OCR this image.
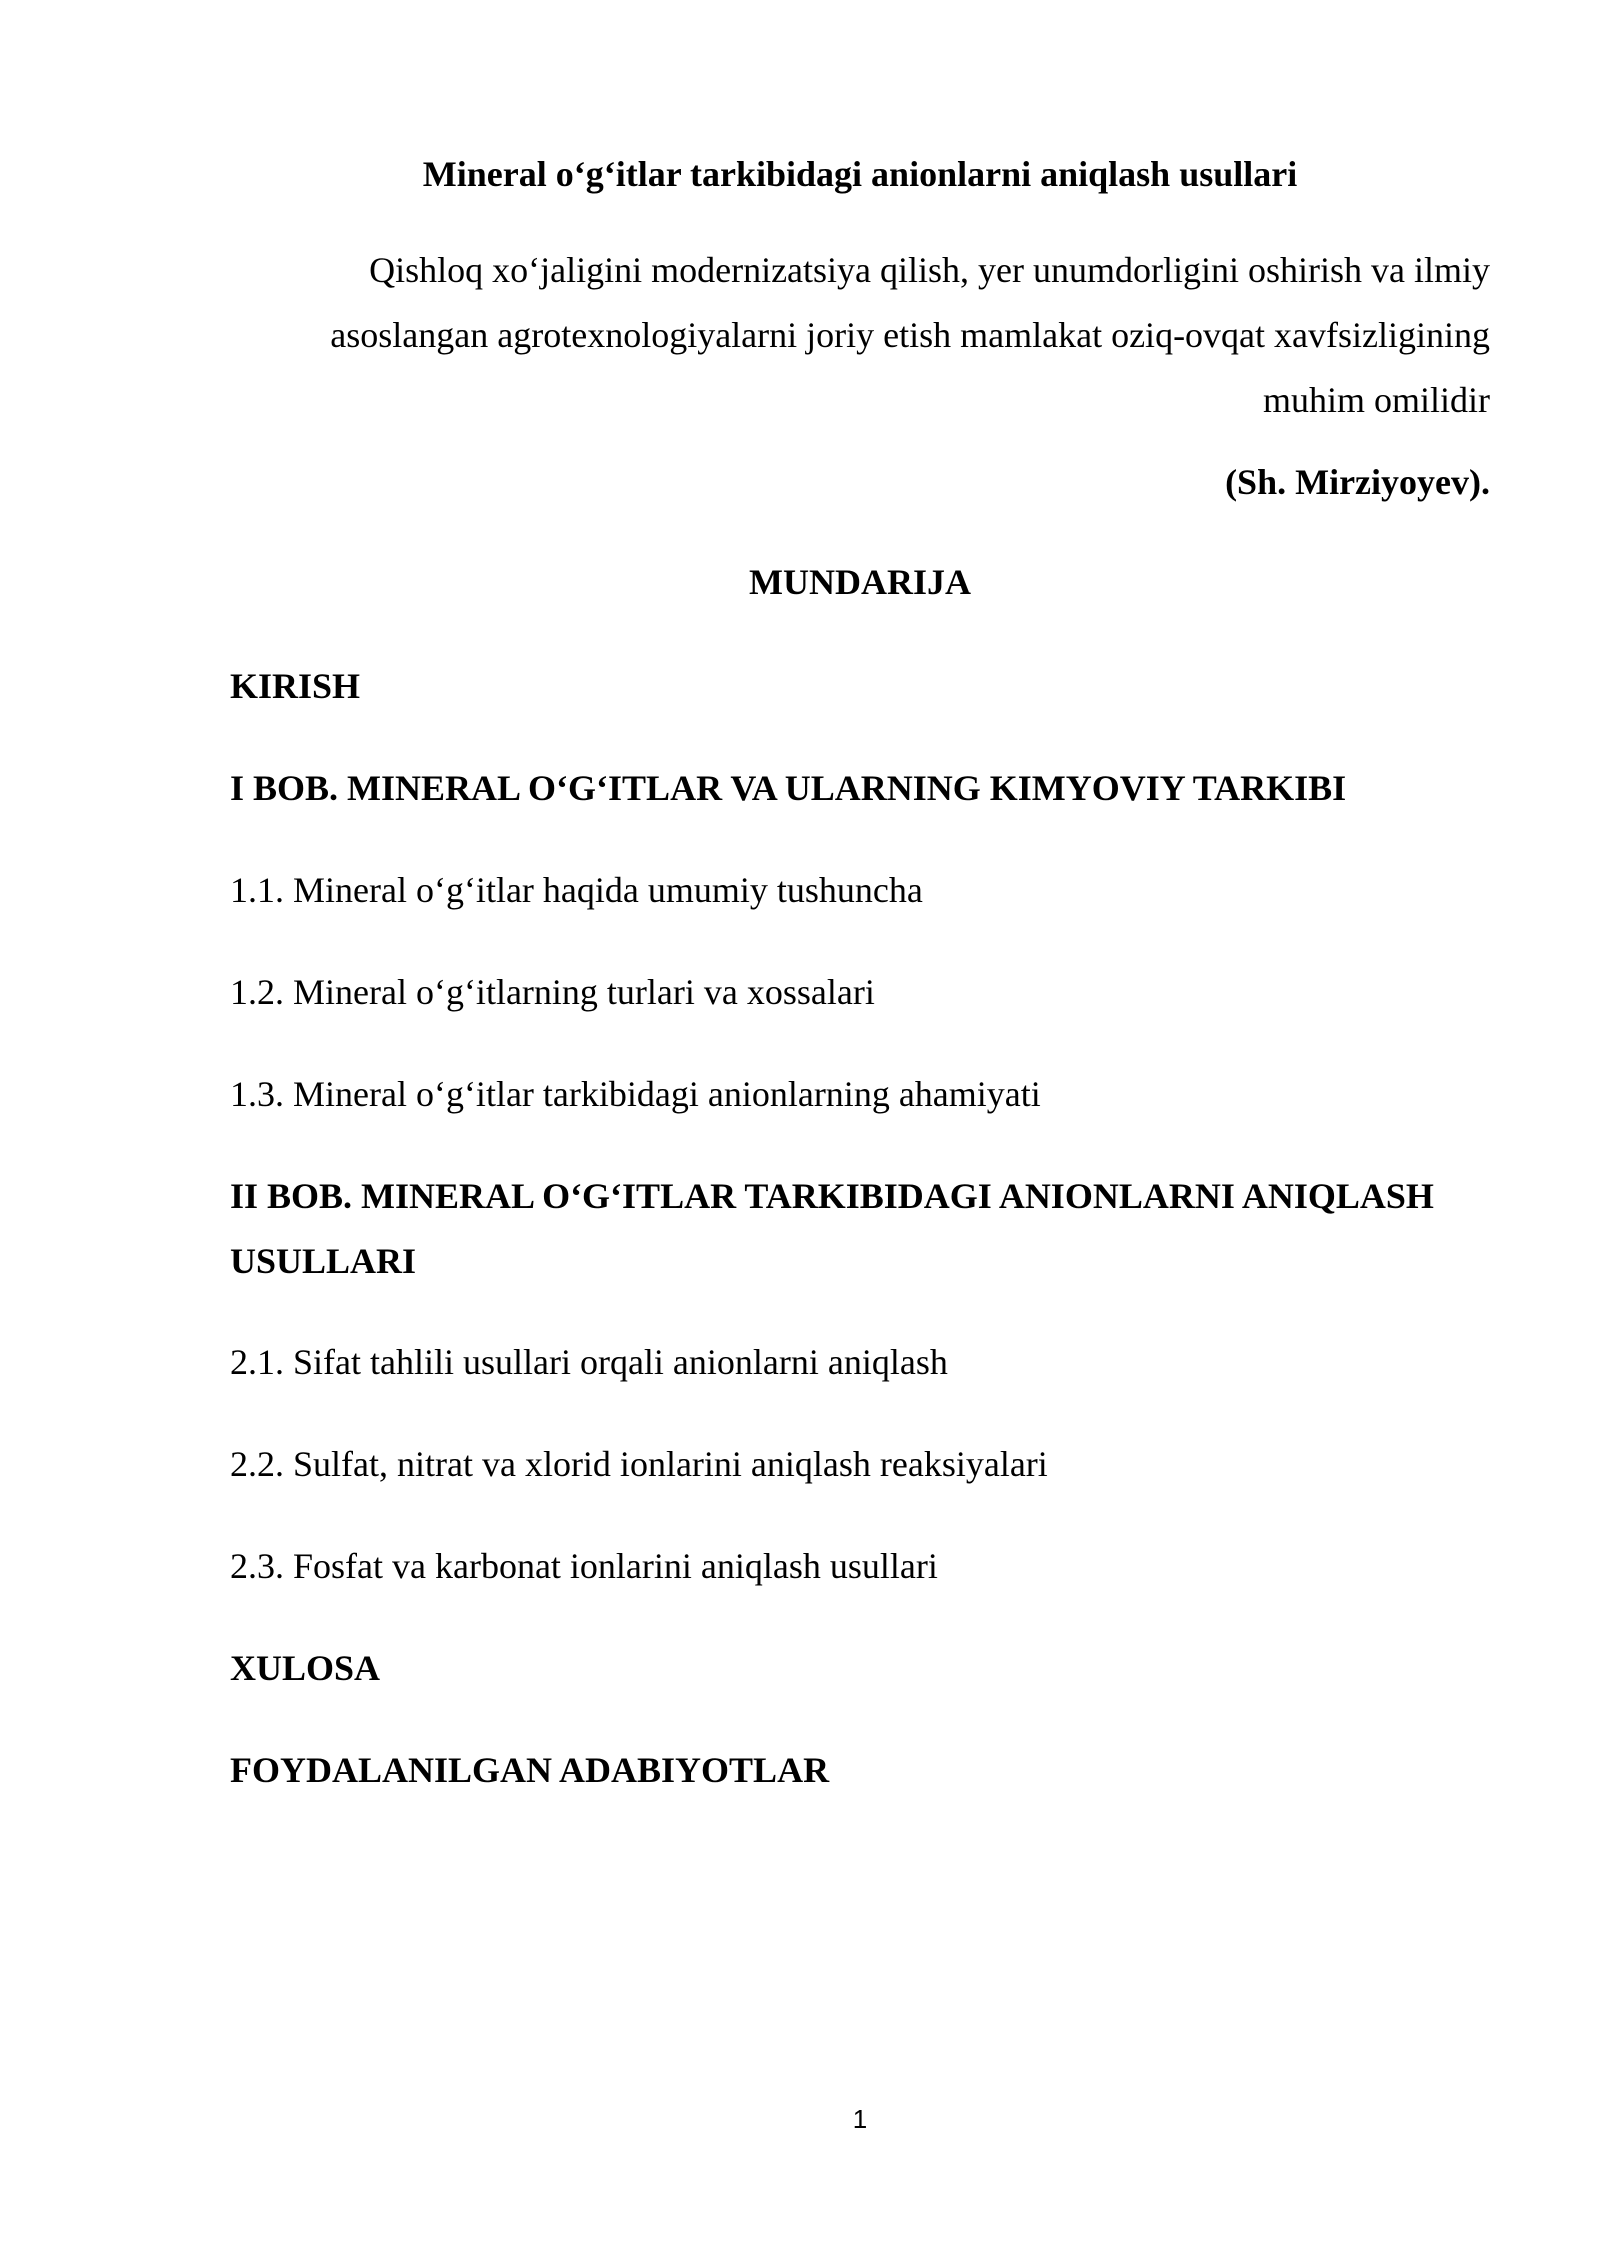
Mineral o‘g‘itlar tarkibidagi anionlarni aniqlash usullari
Qishloq xo‘jaligini modernizatsiya qilish, yer unumdorligini oshirish va ilmiy asoslangan agrotexnologiyalarni joriy etish mamlakat oziq-ovqat xavfsizligining muhim omilidir
(Sh. Mirziyoyev).
MUNDARIJA
KIRISH
I BOB. MINERAL O‘G‘ITLAR VA ULARNING KIMYOVIY TARKIBI
1.1. Mineral o‘g‘itlar haqida umumiy tushuncha
1.2. Mineral o‘g‘itlarning turlari va xossalari
1.3. Mineral o‘g‘itlar tarkibidagi anionlarning ahamiyati
II BOB. MINERAL O‘G‘ITLAR TARKIBIDAGI ANIONLARNI ANIQLASH USULLARI
2.1. Sifat tahlili usullari orqali anionlarni aniqlash
2.2. Sulfat, nitrat va xlorid ionlarini aniqlash reaksiyalari
2.3. Fosfat va karbonat ionlarini aniqlash usullari
XULOSA
FOYDALANILGAN ADABIYOTLAR
1
